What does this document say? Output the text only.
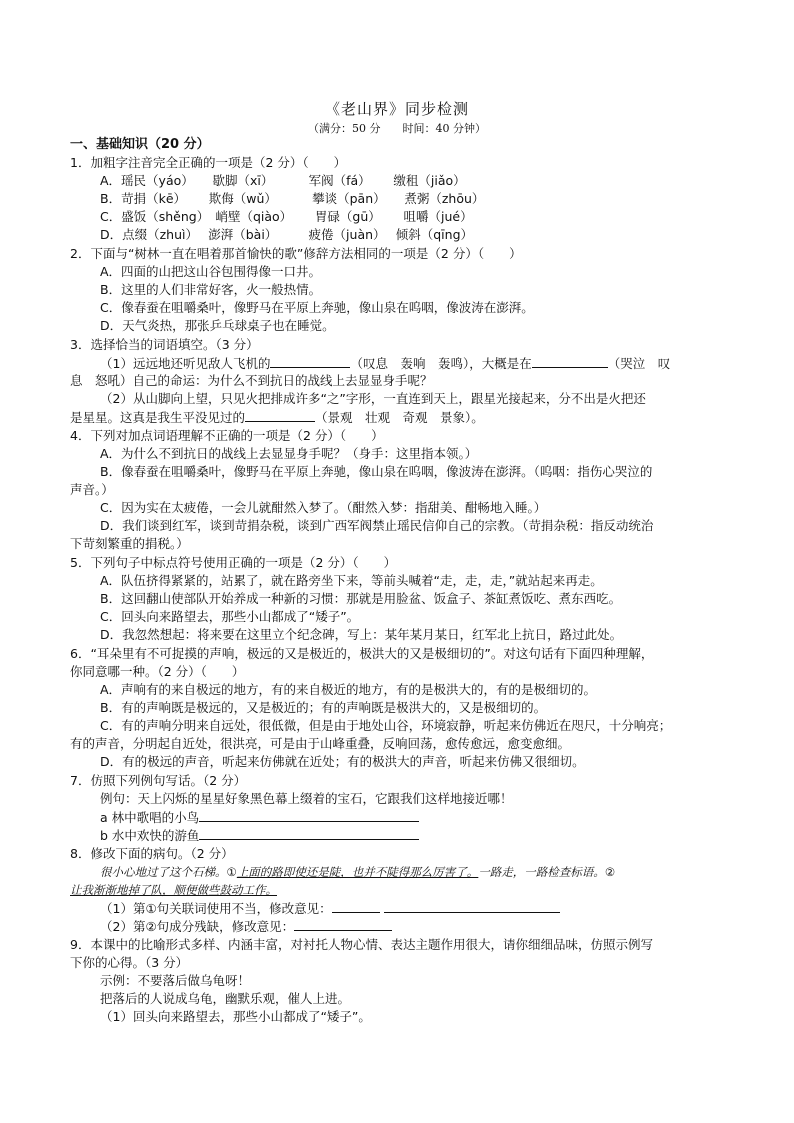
《老山界》同步检测
（满分：50 分　　时间：40 分钟）
一、基础知识（20 分）
1．加粗字注音完全正确的一项是（2 分）（　　）
A．瑶民（yáo）　　歇脚（xī）　　　 军阀（fá）　　 缴租（jiǎo）
B．苛捐（kē）　　 欺侮（wǔ）　　　 攀谈（pān）　　煮粥（zhōu）
C．盛饭（shěng）　峭壁（qiào）　　 胃碌（gū）　　 咀嚼（jué）
D．点缀（zhuì）　 澎湃（bài）　　　疲倦（juàn）　 倾斜（qīng）
2．下面与“树林一直在唱着那首愉快的歌”修辞方法相同的一项是（2 分）（　　）
A．四面的山把这山谷包围得像一口井。
B．这里的人们非常好客，火一般热情。
C．像春蚕在咀嚼桑叶，像野马在平原上奔驰，像山泉在呜咽，像波涛在澎湃。
D．天气炎热，那张乒乓球桌子也在睡觉。
3．选择恰当的词语填空。（3 分）
（1）远远地还听见敌人飞机的	（叹息　轰响　轰鸣），大概是在	（哭泣　叹
息　怒吼）自己的命运：为什么不到抗日的战线上去显显身手呢？
（2）从山脚向上望，只见火把排成许多“之”字形，一直连到天上，跟星光接起来，分不出是火把还
是星星。这真是我生平没见过的	（景观　壮观　奇观　景象）。
4．下列对加点词语理解不正确的一项是（2 分）（　　）
A．为什么不到抗日的战线上去显显身手呢？（身手：这里指本领。）
B．像春蚕在咀嚼桑叶，像野马在平原上奔驰，像山泉在呜咽，像波涛在澎湃。（呜咽：指伤心哭泣的
声音。）
C．因为实在太疲倦，一会儿就酣然入梦了。（酣然入梦：指甜美、酣畅地入睡。）
D．我们谈到红军，谈到苛捐杂税，谈到广西军阀禁止瑶民信仰自己的宗教。（苛捐杂税：指反动统治
下苛刻繁重的捐税。）
5．下列句子中标点符号使用正确的一项是（2 分）（　　）
A．队伍挤得紧紧的，站累了，就在路旁坐下来，等前头喊着“走，走，走，”就站起来再走。
B．这回翻山使部队开始养成一种新的习惯：那就是用脸盆、饭盒子、茶缸煮饭吃、煮东西吃。
C．回头向来路望去，那些小山都成了“矮子”。
D．我忽然想起：将来要在这里立个纪念碑，写上：某年某月某日，红军北上抗日，路过此处。
6．“耳朵里有不可捉摸的声响，极远的又是极近的，极洪大的又是极细切的”。对这句话有下面四种理解，
你同意哪一种。（2 分）（　　）
A．声响有的来自极远的地方，有的来自极近的地方，有的是极洪大的，有的是极细切的。
B．有的声响既是极远的，又是极近的；有的声响既是极洪大的，又是极细切的。
C．有的声响分明来自远处，很低微，但是由于地处山谷，环境寂静，听起来仿佛近在咫尺，十分响亮；
有的声音，分明起自近处，很洪亮，可是由于山峰重叠，反响回荡，愈传愈远，愈变愈细。
D．有的极远的声音，听起来仿佛就在近处；有的极洪大的声音，听起来仿佛又很细切。
7．仿照下列例句写话。（2 分）
例句：天上闪烁的星星好象黑色幕上缀着的宝石，它跟我们这样地接近哪！
a 林中歌唱的小鸟
b 水中欢快的游鱼
8．修改下面的病句。（2 分）
很小心地过了这个石梯。①上面的路即使还是陡，也并不陡得那么厉害了。一路走，一路检查标语。②
让我渐渐地掉了队，顺便做些鼓动工作。
（1）第①句关联词使用不当，修改意见：
（2）第②句成分残缺，修改意见：
9．本课中的比喻形式多样、内涵丰富，对衬托人物心情、表达主题作用很大，请你细细品味，仿照示例写
下你的心得。（3 分）
示例：不要落后做乌龟呀！
把落后的人说成乌龟，幽默乐观，催人上进。
（1）回头向来路望去，那些小山都成了“矮子”。
